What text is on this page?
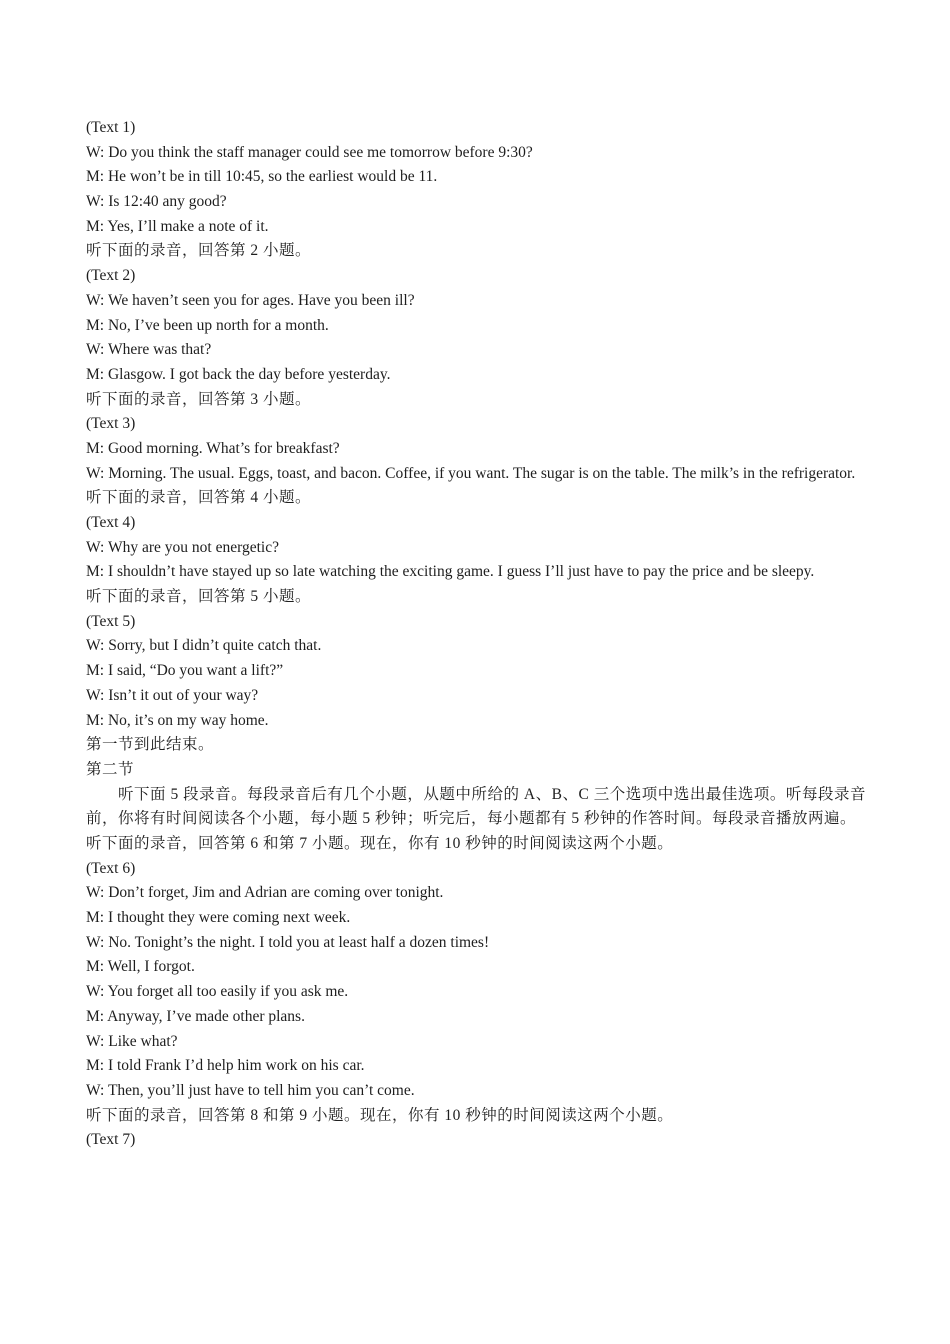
(Text 1)
W: Do you think the staff manager could see me tomorrow before 9:30?
M: He won’t be in till 10:45, so the earliest would be 11.
W: Is 12:40 any good?
M: Yes, I’ll make a note of it.
听下面的录音，回答第 2 小题。
(Text 2)
W: We haven’t seen you for ages. Have you been ill?
M: No, I’ve been up north for a month.
W: Where was that?
M: Glasgow. I got back the day before yesterday.
听下面的录音，回答第 3 小题。
(Text 3)
M: Good morning. What’s for breakfast?
W: Morning. The usual. Eggs, toast, and bacon. Coffee, if you want. The sugar is on the table. The milk’s in the refrigerator.
听下面的录音，回答第 4 小题。
(Text 4)
W: Why are you not energetic?
M: I shouldn’t have stayed up so late watching the exciting game. I guess I’ll just have to pay the price and be sleepy.
听下面的录音，回答第 5 小题。
(Text 5)
W: Sorry, but I didn’t quite catch that.
M: I said, “Do you want a lift?”
W: Isn’t it out of your way?
M: No, it’s on my way home.
第一节到此结束。
第二节
听下面 5 段录音。每段录音后有几个小题，从题中所给的 A、B、C 三个选项中选出最佳选项。听每段录音前，你将有时间阅读各个小题，每小题 5 秒钟；听完后，每小题都有 5 秒钟的作答时间。每段录音播放两遍。
听下面的录音，回答第 6 和第 7 小题。现在，你有 10 秒钟的时间阅读这两个小题。
(Text 6)
W: Don’t forget, Jim and Adrian are coming over tonight.
M: I thought they were coming next week.
W: No. Tonight’s the night. I told you at least half a dozen times!
M: Well, I forgot.
W: You forget all too easily if you ask me.
M: Anyway, I’ve made other plans.
W: Like what?
M: I told Frank I’d help him work on his car.
W: Then, you’ll just have to tell him you can’t come.
听下面的录音，回答第 8 和第 9 小题。现在，你有 10 秒钟的时间阅读这两个小题。
(Text 7)
